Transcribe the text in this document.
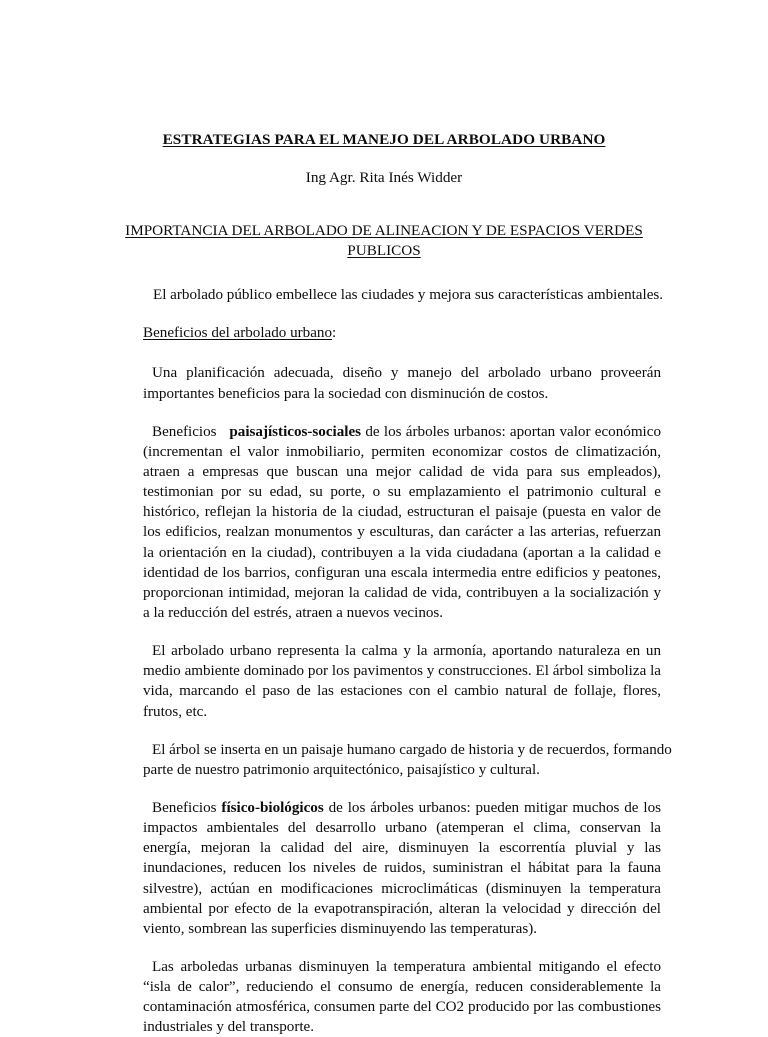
ESTRATEGIAS PARA EL MANEJO DEL ARBOLADO URBANO

Ing Agr. Rita Inés Widder

IMPORTANCIA DEL ARBOLADO DE ALINEACION Y DE ESPACIOS VERDES
PUBLICOS

El arbolado público embellece las ciudades y mejora sus características ambientales.

Beneficios del arbolado urbano:

Una planificación adecuada, diseño y manejo del arbolado urbano proveerán importantes beneficios para la sociedad con disminución de costos.

Beneficios paisajísticos-sociales de los árboles urbanos: aportan valor económico (incrementan el valor inmobiliario, permiten economizar costos de climatización, atraen a empresas que buscan una mejor calidad de vida para sus empleados), testimonian por su edad, su porte, o su emplazamiento el patrimonio cultural e histórico, reflejan la historia de la ciudad, estructuran el paisaje (puesta en valor de los edificios, realzan monumentos y esculturas, dan carácter a las arterias, refuerzan la orientación en la ciudad), contribuyen a la vida ciudadana (aportan a la calidad e identidad de los barrios, configuran una escala intermedia entre edificios y peatones, proporcionan intimidad, mejoran la calidad de vida, contribuyen a la socialización y a la reducción del estrés, atraen a nuevos vecinos.

El arbolado urbano representa la calma y la armonía, aportando naturaleza en un medio ambiente dominado por los pavimentos y construcciones. El árbol simboliza la vida, marcando el paso de las estaciones con el cambio natural de follaje, flores, frutos, etc.

El árbol se inserta en un paisaje humano cargado de historia y de recuerdos, formando parte de nuestro patrimonio arquitectónico, paisajístico y cultural.

Beneficios físico-biológicos de los árboles urbanos: pueden mitigar muchos de los impactos ambientales del desarrollo urbano (atemperan el clima, conservan la energía, mejoran la calidad del aire, disminuyen la escorrentía pluvial y las inundaciones, reducen los niveles de ruidos, suministran el hábitat para la fauna silvestre), actúan en modificaciones microclimáticas (disminuyen la temperatura ambiental por efecto de la evapotranspiración, alteran la velocidad y dirección del viento, sombrean las superficies disminuyendo las temperaturas).

Las arboledas urbanas disminuyen la temperatura ambiental mitigando el efecto “isla de calor”, reduciendo el consumo de energía, reducen considerablemente la contaminación atmosférica, consumen parte del CO2 producido por las combustiones industriales y del transporte.
